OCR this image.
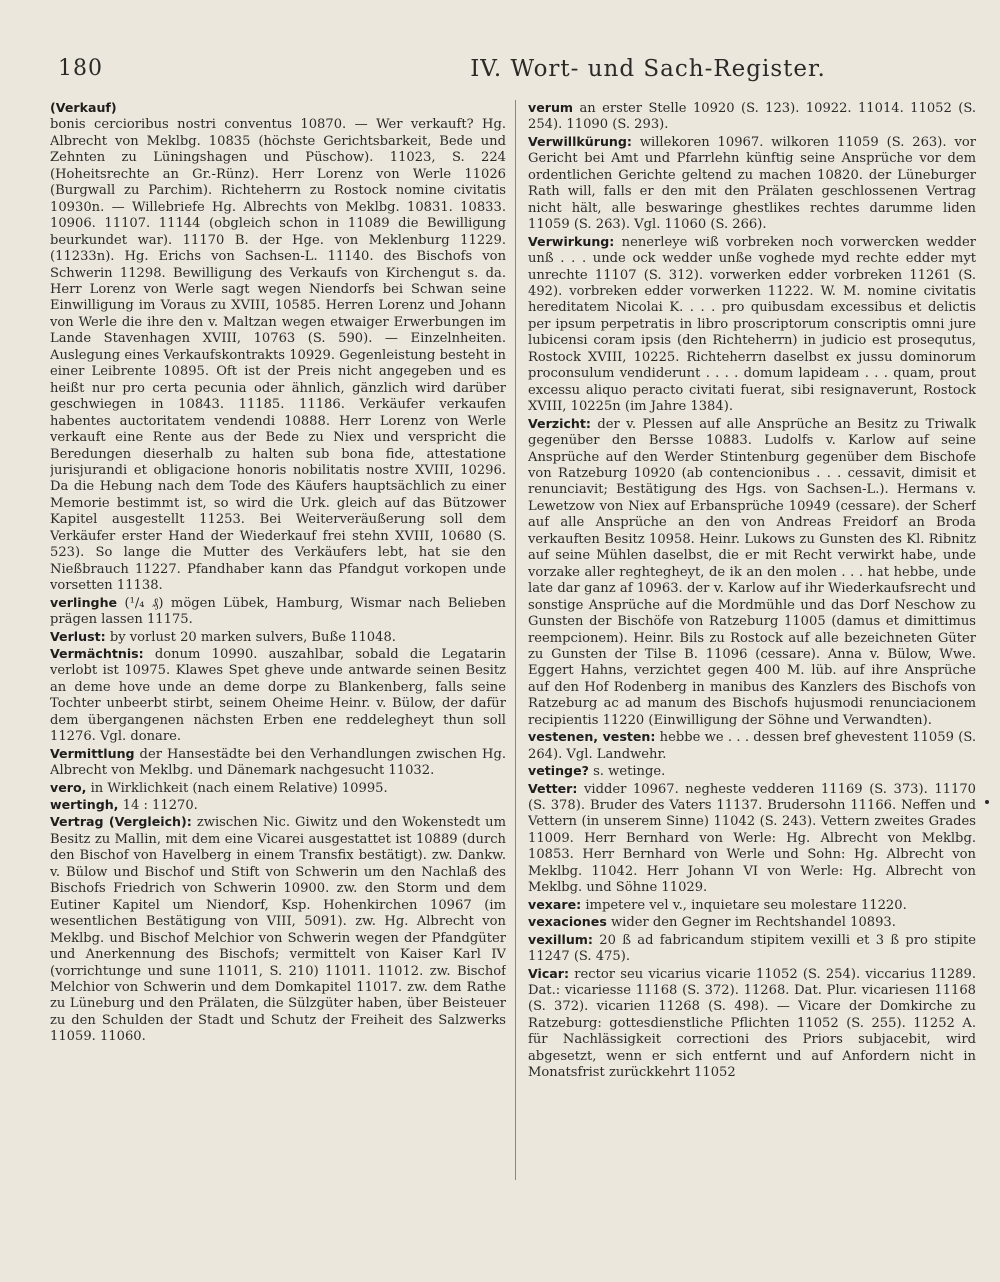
180	IV. Wort- und Sach-Register.

(Verkauf)

bonis cercioribus nostri conventus 10870. — Wer verkauft? Hg. Albrecht von Meklbg. 10835 (höchste Gerichtsbarkeit, Bede und Zehnten zu Lüningshagen und Püschow). 11023, S. 224 (Hoheitsrechte an Gr.-Rünz). Herr Lorenz von Werle 11026 (Burgwall zu Parchim). Richteherrn zu Rostock nomine civitatis 10930n. — Willebriefe Hg. Albrechts von Meklbg. 10831. 10833. 10906. 11107. 11144 (obgleich schon in 11089 die Bewilligung beurkundet war). 11170 B. der Hge. von Meklenburg 11229. (11233n). Hg. Erichs von Sachsen-L. 11140. des Bischofs von Schwerin 11298. Bewilligung des Verkaufs von Kirchengut s. da. Herr Lorenz von Werle sagt wegen Niendorfs bei Schwan seine Einwilligung im Voraus zu XVIII, 10585. Herren Lorenz und Johann von Werle die ihre den v. Maltzan wegen etwaiger Erwerbungen im Lande Stavenhagen XVIII, 10763 (S. 590). — Einzelnheiten. Auslegung eines Verkaufskontrakts 10929. Gegenleistung besteht in einer Leibrente 10895. Oft ist der Preis nicht angegeben und es heißt nur pro certa pecunia oder ähnlich, gänzlich wird darüber geschwiegen in 10843. 11185. 11186. Verkäufer verkaufen habentes auctoritatem vendendi 10888. Herr Lorenz von Werle verkauft eine Rente aus der Bede zu Niex und verspricht die Beredungen dieserhalb zu halten sub bona fide, attestatione jurisjurandi et obligacione honoris nobilitatis nostre XVIII, 10296. Da die Hebung nach dem Tode des Käufers hauptsächlich zu einer Memorie bestimmt ist, so wird die Urk. gleich auf das Bützower Kapitel ausgestellt 11253. Bei Weiterveräußerung soll dem Verkäufer erster Hand der Wiederkauf frei stehn XVIII, 10680 (S. 523). So lange die Mutter des Verkäufers lebt, hat sie den Nießbrauch 11227. Pfandhaber kann das Pfandgut vorkopen unde vorsetten 11138.

verlinghe (¹/₄ ₰) mögen Lübek, Hamburg, Wismar nach Belieben prägen lassen 11175.

Verlust: by vorlust 20 marken sulvers, Buße 11048.

Vermächtnis: donum 10990. auszahlbar, sobald die Legatarin verlobt ist 10975. Klawes Spet gheve unde antwarde seinen Besitz an deme hove unde an deme dorpe zu Blankenberg, falls seine Tochter unbeerbt stirbt, seinem Oheime Heinr. v. Bülow, der dafür dem übergangenen nächsten Erben ene reddelegheyt thun soll 11276. Vgl. donare.

Vermittlung der Hansestädte bei den Verhandlungen zwischen Hg. Albrecht von Meklbg. und Dänemark nachgesucht 11032.

vero, in Wirklichkeit (nach einem Relative) 10995.

wertingh, 14 : 11270.

Vertrag (Vergleich): zwischen Nic. Giwitz und den Wokenstedt um Besitz zu Mallin, mit dem eine Vicarei ausgestattet ist 10889 (durch den Bischof von Havelberg in einem Transfix bestätigt). zw. Dankw. v. Bülow und Bischof und Stift von Schwerin um den Nachlaß des Bischofs Friedrich von Schwerin 10900. zw. den Storm und dem Eutiner Kapitel um Niendorf, Ksp. Hohenkirchen 10967 (im wesentlichen Bestätigung von VIII, 5091). zw. Hg. Albrecht von Meklbg. und Bischof Melchior von Schwerin wegen der Pfandgüter und Anerkennung des Bischofs; vermittelt von Kaiser Karl IV (vorrichtunge und sune 11011, S. 210) 11011. 11012. zw. Bischof Melchior von Schwerin und dem Domkapitel 11017. zw. dem Rathe zu Lüneburg und den Prälaten, die Sülzgüter haben, über Beisteuer zu den Schulden der Stadt und Schutz der Freiheit des Salzwerks 11059. 11060.

verum an erster Stelle 10920 (S. 123). 10922. 11014. 11052 (S. 254). 11090 (S. 293).

Verwillkürung: willekoren 10967. wilkoren 11059 (S. 263). vor Gericht bei Amt und Pfarrlehn künftig seine Ansprüche vor dem ordentlichen Gerichte geltend zu machen 10820. der Lüneburger Rath will, falls er den mit den Prälaten geschlossenen Vertrag nicht hält, alle beswaringe ghestlikes rechtes darumme liden 11059 (S. 263). Vgl. 11060 (S. 266).

Verwirkung: nenerleye wiß vorbreken noch vorwercken wedder unß . . . unde ock wedder unße voghede myd rechte edder myt unrechte 11107 (S. 312). vorwerken edder vorbreken 11261 (S. 492). vorbreken edder vorwerken 11222. W. M. nomine civitatis hereditatem Nicolai K. . . . pro quibusdam excessibus et delictis per ipsum perpetratis in libro proscriptorum conscriptis omni jure lubicensi coram ipsis (den Richteherrn) in judicio est prosequtus, Rostock XVIII, 10225. Richteherrn daselbst ex jussu dominorum proconsulum vendiderunt . . . . domum lapideam . . . quam, prout excessu aliquo peracto civitati fuerat, sibi resignaverunt, Rostock XVIII, 10225n (im Jahre 1384).

Verzicht: der v. Plessen auf alle Ansprüche an Besitz zu Triwalk gegenüber den Bersse 10883. Ludolfs v. Karlow auf seine Ansprüche auf den Werder Stintenburg gegenüber dem Bischofe von Ratzeburg 10920 (ab contencionibus . . . cessavit, dimisit et renunciavit; Bestätigung des Hgs. von Sachsen-L.). Hermans v. Lewetzow von Niex auf Erbansprüche 10949 (cessare). der Scherf auf alle Ansprüche an den von Andreas Freidorf an Broda verkauften Besitz 10958. Heinr. Lukows zu Gunsten des Kl. Ribnitz auf seine Mühlen daselbst, die er mit Recht verwirkt habe, unde vorzake aller reghtegheyt, de ik an den molen . . . hat hebbe, unde late dar ganz af 10963. der v. Karlow auf ihr Wiederkaufsrecht und sonstige Ansprüche auf die Mordmühle und das Dorf Neschow zu Gunsten der Bischöfe von Ratzeburg 11005 (damus et dimittimus reempcionem). Heinr. Bils zu Rostock auf alle bezeichneten Güter zu Gunsten der Tilse B. 11096 (cessare). Anna v. Bülow, Wwe. Eggert Hahns, verzichtet gegen 400 M. lüb. auf ihre Ansprüche auf den Hof Rodenberg in manibus des Kanzlers des Bischofs von Ratzeburg ac ad manum des Bischofs hujusmodi renunciacionem recipientis 11220 (Einwilligung der Söhne und Verwandten).

vestenen, vesten: hebbe we . . . dessen bref ghevestent 11059 (S. 264). Vgl. Landwehr.

vetinge? s. wetinge.

Vetter: vidder 10967. negheste vedderen 11169 (S. 373). 11170 (S. 378). Bruder des Vaters 11137. Brudersohn 11166. Neffen und Vettern (in unserem Sinne) 11042 (S. 243). Vettern zweites Grades 11009. Herr Bernhard von Werle: Hg. Albrecht von Meklbg. 10853. Herr Bernhard von Werle und Sohn: Hg. Albrecht von Meklbg. 11042. Herr Johann VI von Werle: Hg. Albrecht von Meklbg. und Söhne 11029.

vexare: impetere vel v., inquietare seu molestare 11220.

vexaciones wider den Gegner im Rechtshandel 10893.

vexillum: 20 ß ad fabricandum stipitem vexilli et 3 ß pro stipite 11247 (S. 475).

Vicar: rector seu vicarius vicarie 11052 (S. 254). viccarius 11289. Dat.: vicariesse 11168 (S. 372). 11268. Dat. Plur. vicariesen 11168 (S. 372). vicarien 11268 (S. 498). — Vicare der Domkirche zu Ratzeburg: gottesdienstliche Pflichten 11052 (S. 255). 11252 A. für Nachlässigkeit correctioni des Priors subjacebit, wird abgesetzt, wenn er sich entfernt und auf Anfordern nicht in Monatsfrist zurückkehrt 11052
